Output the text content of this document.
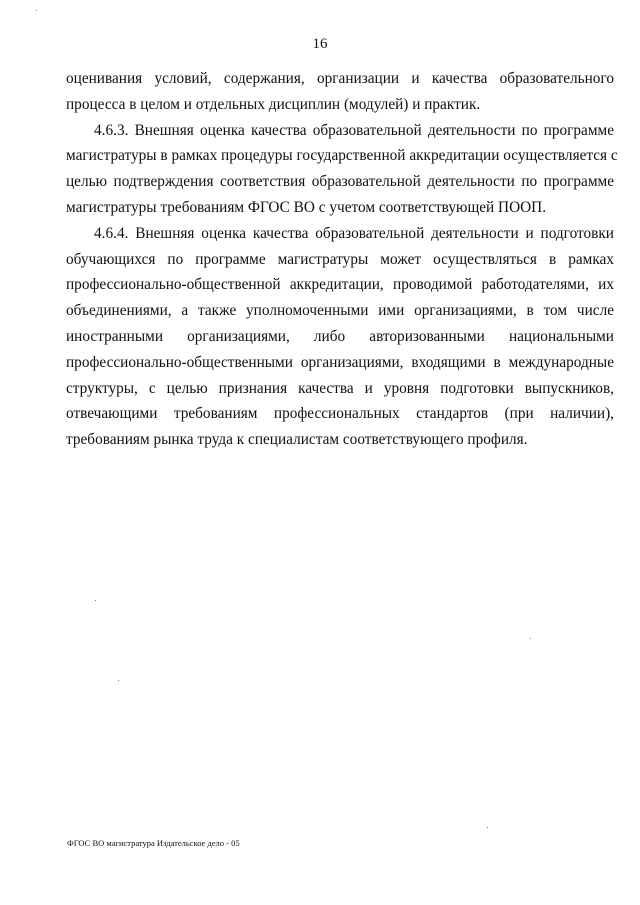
16
оценивания условий, содержания, организации и качества образовательного
процесса в целом и отдельных дисциплин (модулей) и практик.
4.6.3. Внешняя оценка качества образовательной деятельности по программе
магистратуры в рамках процедуры государственной аккредитации осуществляется с
целью подтверждения соответствия образовательной деятельности по программе
магистратуры требованиям ФГОС ВО с учетом соответствующей ПООП.
4.6.4. Внешняя оценка качества образовательной деятельности и подготовки
обучающихся по программе магистратуры может осуществляться в рамках
профессионально-общественной аккредитации, проводимой работодателями, их
объединениями, а также уполномоченными ими организациями, в том числе
иностранными организациями, либо авторизованными национальными
профессионально-общественными организациями, входящими в международные
структуры, с целью признания качества и уровня подготовки выпускников,
отвечающими требованиям профессиональных стандартов (при наличии),
требованиям рынка труда к специалистам соответствующего профиля.
ФГОС ВО магистратура Издательское дело - 05
